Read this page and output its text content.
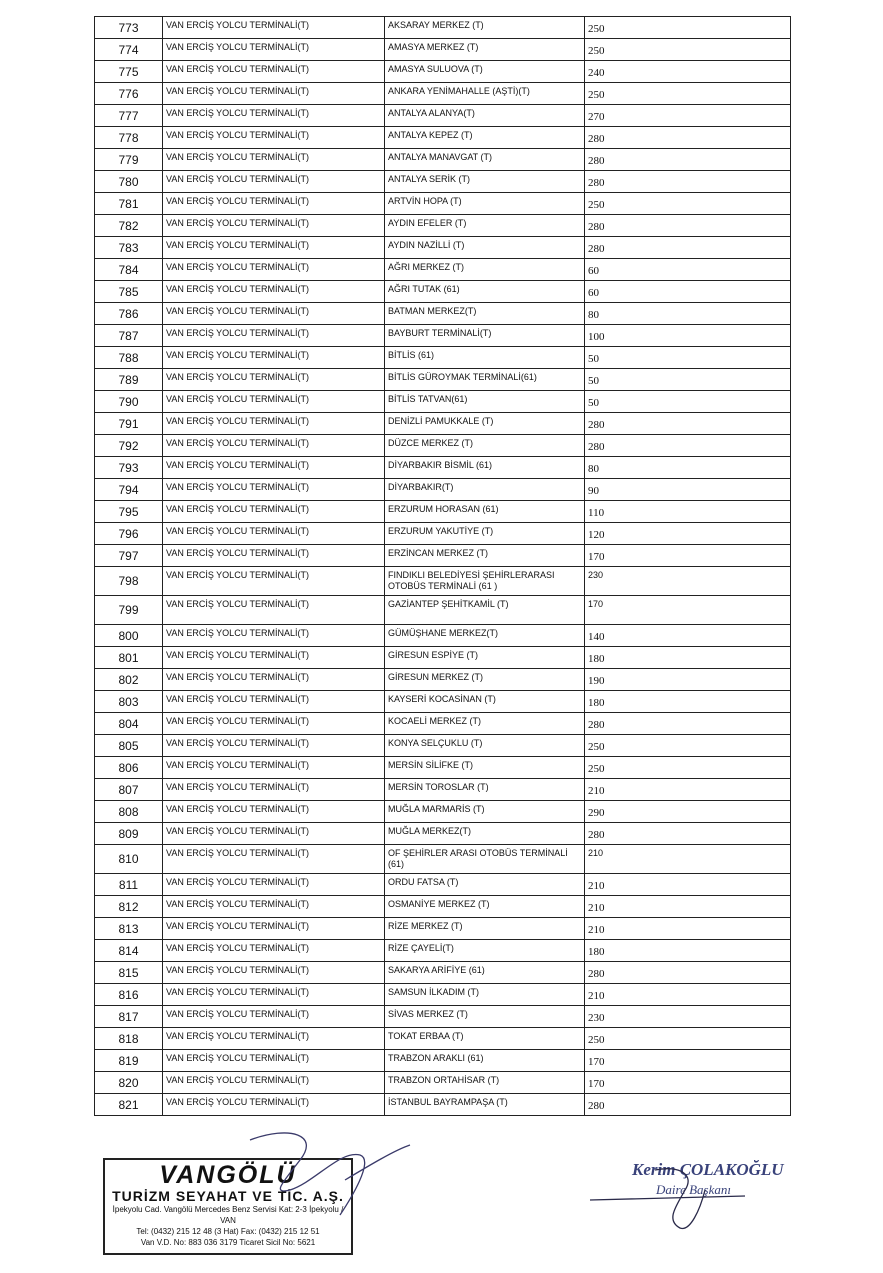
773	VAN ERCİŞ YOLCU TERMİNALİ(T)	AKSARAY MERKEZ (T)	250
774	VAN ERCİŞ YOLCU TERMİNALİ(T)	AMASYA MERKEZ (T)	250
775	VAN ERCİŞ YOLCU TERMİNALİ(T)	AMASYA SULUOVA (T)	240
776	VAN ERCİŞ YOLCU TERMİNALİ(T)	ANKARA YENİMAHALLE (AŞTİ)(T)	250
777	VAN ERCİŞ YOLCU TERMİNALİ(T)	ANTALYA ALANYA(T)	270
778	VAN ERCİŞ YOLCU TERMİNALİ(T)	ANTALYA KEPEZ (T)	280
779	VAN ERCİŞ YOLCU TERMİNALİ(T)	ANTALYA MANAVGAT (T)	280
780	VAN ERCİŞ YOLCU TERMİNALİ(T)	ANTALYA SERİK (T)	280
781	VAN ERCİŞ YOLCU TERMİNALİ(T)	ARTVİN HOPA (T)	250
782	VAN ERCİŞ YOLCU TERMİNALİ(T)	AYDIN EFELER (T)	280
783	VAN ERCİŞ YOLCU TERMİNALİ(T)	AYDIN NAZİLLİ (T)	280
784	VAN ERCİŞ YOLCU TERMİNALİ(T)	AĞRI MERKEZ (T)	60
785	VAN ERCİŞ YOLCU TERMİNALİ(T)	AĞRI TUTAK (61)	60
786	VAN ERCİŞ YOLCU TERMİNALİ(T)	BATMAN MERKEZ(T)	80
787	VAN ERCİŞ YOLCU TERMİNALİ(T)	BAYBURT TERMİNALİ(T)	100
788	VAN ERCİŞ YOLCU TERMİNALİ(T)	BİTLİS (61)	50
789	VAN ERCİŞ YOLCU TERMİNALİ(T)	BİTLİS GÜROYMAK TERMİNALİ(61)	50
790	VAN ERCİŞ YOLCU TERMİNALİ(T)	BİTLİS TATVAN(61)	50
791	VAN ERCİŞ YOLCU TERMİNALİ(T)	DENİZLİ PAMUKKALE (T)	280
792	VAN ERCİŞ YOLCU TERMİNALİ(T)	DÜZCE MERKEZ (T)	280
793	VAN ERCİŞ YOLCU TERMİNALİ(T)	DİYARBAKIR BİSMİL (61)	80
794	VAN ERCİŞ YOLCU TERMİNALİ(T)	DİYARBAKIR(T)	90
795	VAN ERCİŞ YOLCU TERMİNALİ(T)	ERZURUM HORASAN (61)	110
796	VAN ERCİŞ YOLCU TERMİNALİ(T)	ERZURUM YAKUTİYE (T)	120
797	VAN ERCİŞ YOLCU TERMİNALİ(T)	ERZİNCAN MERKEZ (T)	170
798	VAN ERCİŞ YOLCU TERMİNALİ(T)	FINDIKLI BELEDİYESİ ŞEHİRLERARASI OTOBÜS TERMİNALİ (61 )	230
799	VAN ERCİŞ YOLCU TERMİNALİ(T)	GAZİANTEP ŞEHİTKAMİL (T)	170
800	VAN ERCİŞ YOLCU TERMİNALİ(T)	GÜMÜŞHANE MERKEZ(T)	140
801	VAN ERCİŞ YOLCU TERMİNALİ(T)	GİRESUN ESPİYE (T)	180
802	VAN ERCİŞ YOLCU TERMİNALİ(T)	GİRESUN MERKEZ (T)	190
803	VAN ERCİŞ YOLCU TERMİNALİ(T)	KAYSERİ KOCASİNAN (T)	180
804	VAN ERCİŞ YOLCU TERMİNALİ(T)	KOCAELİ MERKEZ (T)	280
805	VAN ERCİŞ YOLCU TERMİNALİ(T)	KONYA SELÇUKLU (T)	250
806	VAN ERCİŞ YOLCU TERMİNALİ(T)	MERSİN SİLİFKE (T)	250
807	VAN ERCİŞ YOLCU TERMİNALİ(T)	MERSİN TOROSLAR (T)	210
808	VAN ERCİŞ YOLCU TERMİNALİ(T)	MUĞLA MARMARİS (T)	290
809	VAN ERCİŞ YOLCU TERMİNALİ(T)	MUĞLA MERKEZ(T)	280
810	VAN ERCİŞ YOLCU TERMİNALİ(T)	OF ŞEHİRLER ARASI OTOBÜS TERMİNALİ (61)	210
811	VAN ERCİŞ YOLCU TERMİNALİ(T)	ORDU FATSA (T)	210
812	VAN ERCİŞ YOLCU TERMİNALİ(T)	OSMANİYE MERKEZ (T)	210
813	VAN ERCİŞ YOLCU TERMİNALİ(T)	RİZE MERKEZ (T)	210
814	VAN ERCİŞ YOLCU TERMİNALİ(T)	RİZE ÇAYELİ(T)	180
815	VAN ERCİŞ YOLCU TERMİNALİ(T)	SAKARYA ARİFİYE (61)	280
816	VAN ERCİŞ YOLCU TERMİNALİ(T)	SAMSUN İLKADIM (T)	210
817	VAN ERCİŞ YOLCU TERMİNALİ(T)	SİVAS MERKEZ (T)	230
818	VAN ERCİŞ YOLCU TERMİNALİ(T)	TOKAT ERBAA (T)	250
819	VAN ERCİŞ YOLCU TERMİNALİ(T)	TRABZON ARAKLI (61)	170
820	VAN ERCİŞ YOLCU TERMİNALİ(T)	TRABZON ORTAHİSAR (T)	170
821	VAN ERCİŞ YOLCU TERMİNALİ(T)	İSTANBUL BAYRAMPAŞA (T)	280
VANGÖLÜ
TURİZM SEYAHAT VE TİC. A.Ş.
İpekyolu Cad. Vangölü Mercedes Benz Servisi Kat: 2-3 İpekyolu / VAN
Tel: (0432) 215 12 48 (3 Hat) Fax: (0432) 215 12 51
Van V.D. No: 883 036 3179 Ticaret Sicil No: 5621
Kerim ÇOLAKOĞLU
Daire Başkanı
